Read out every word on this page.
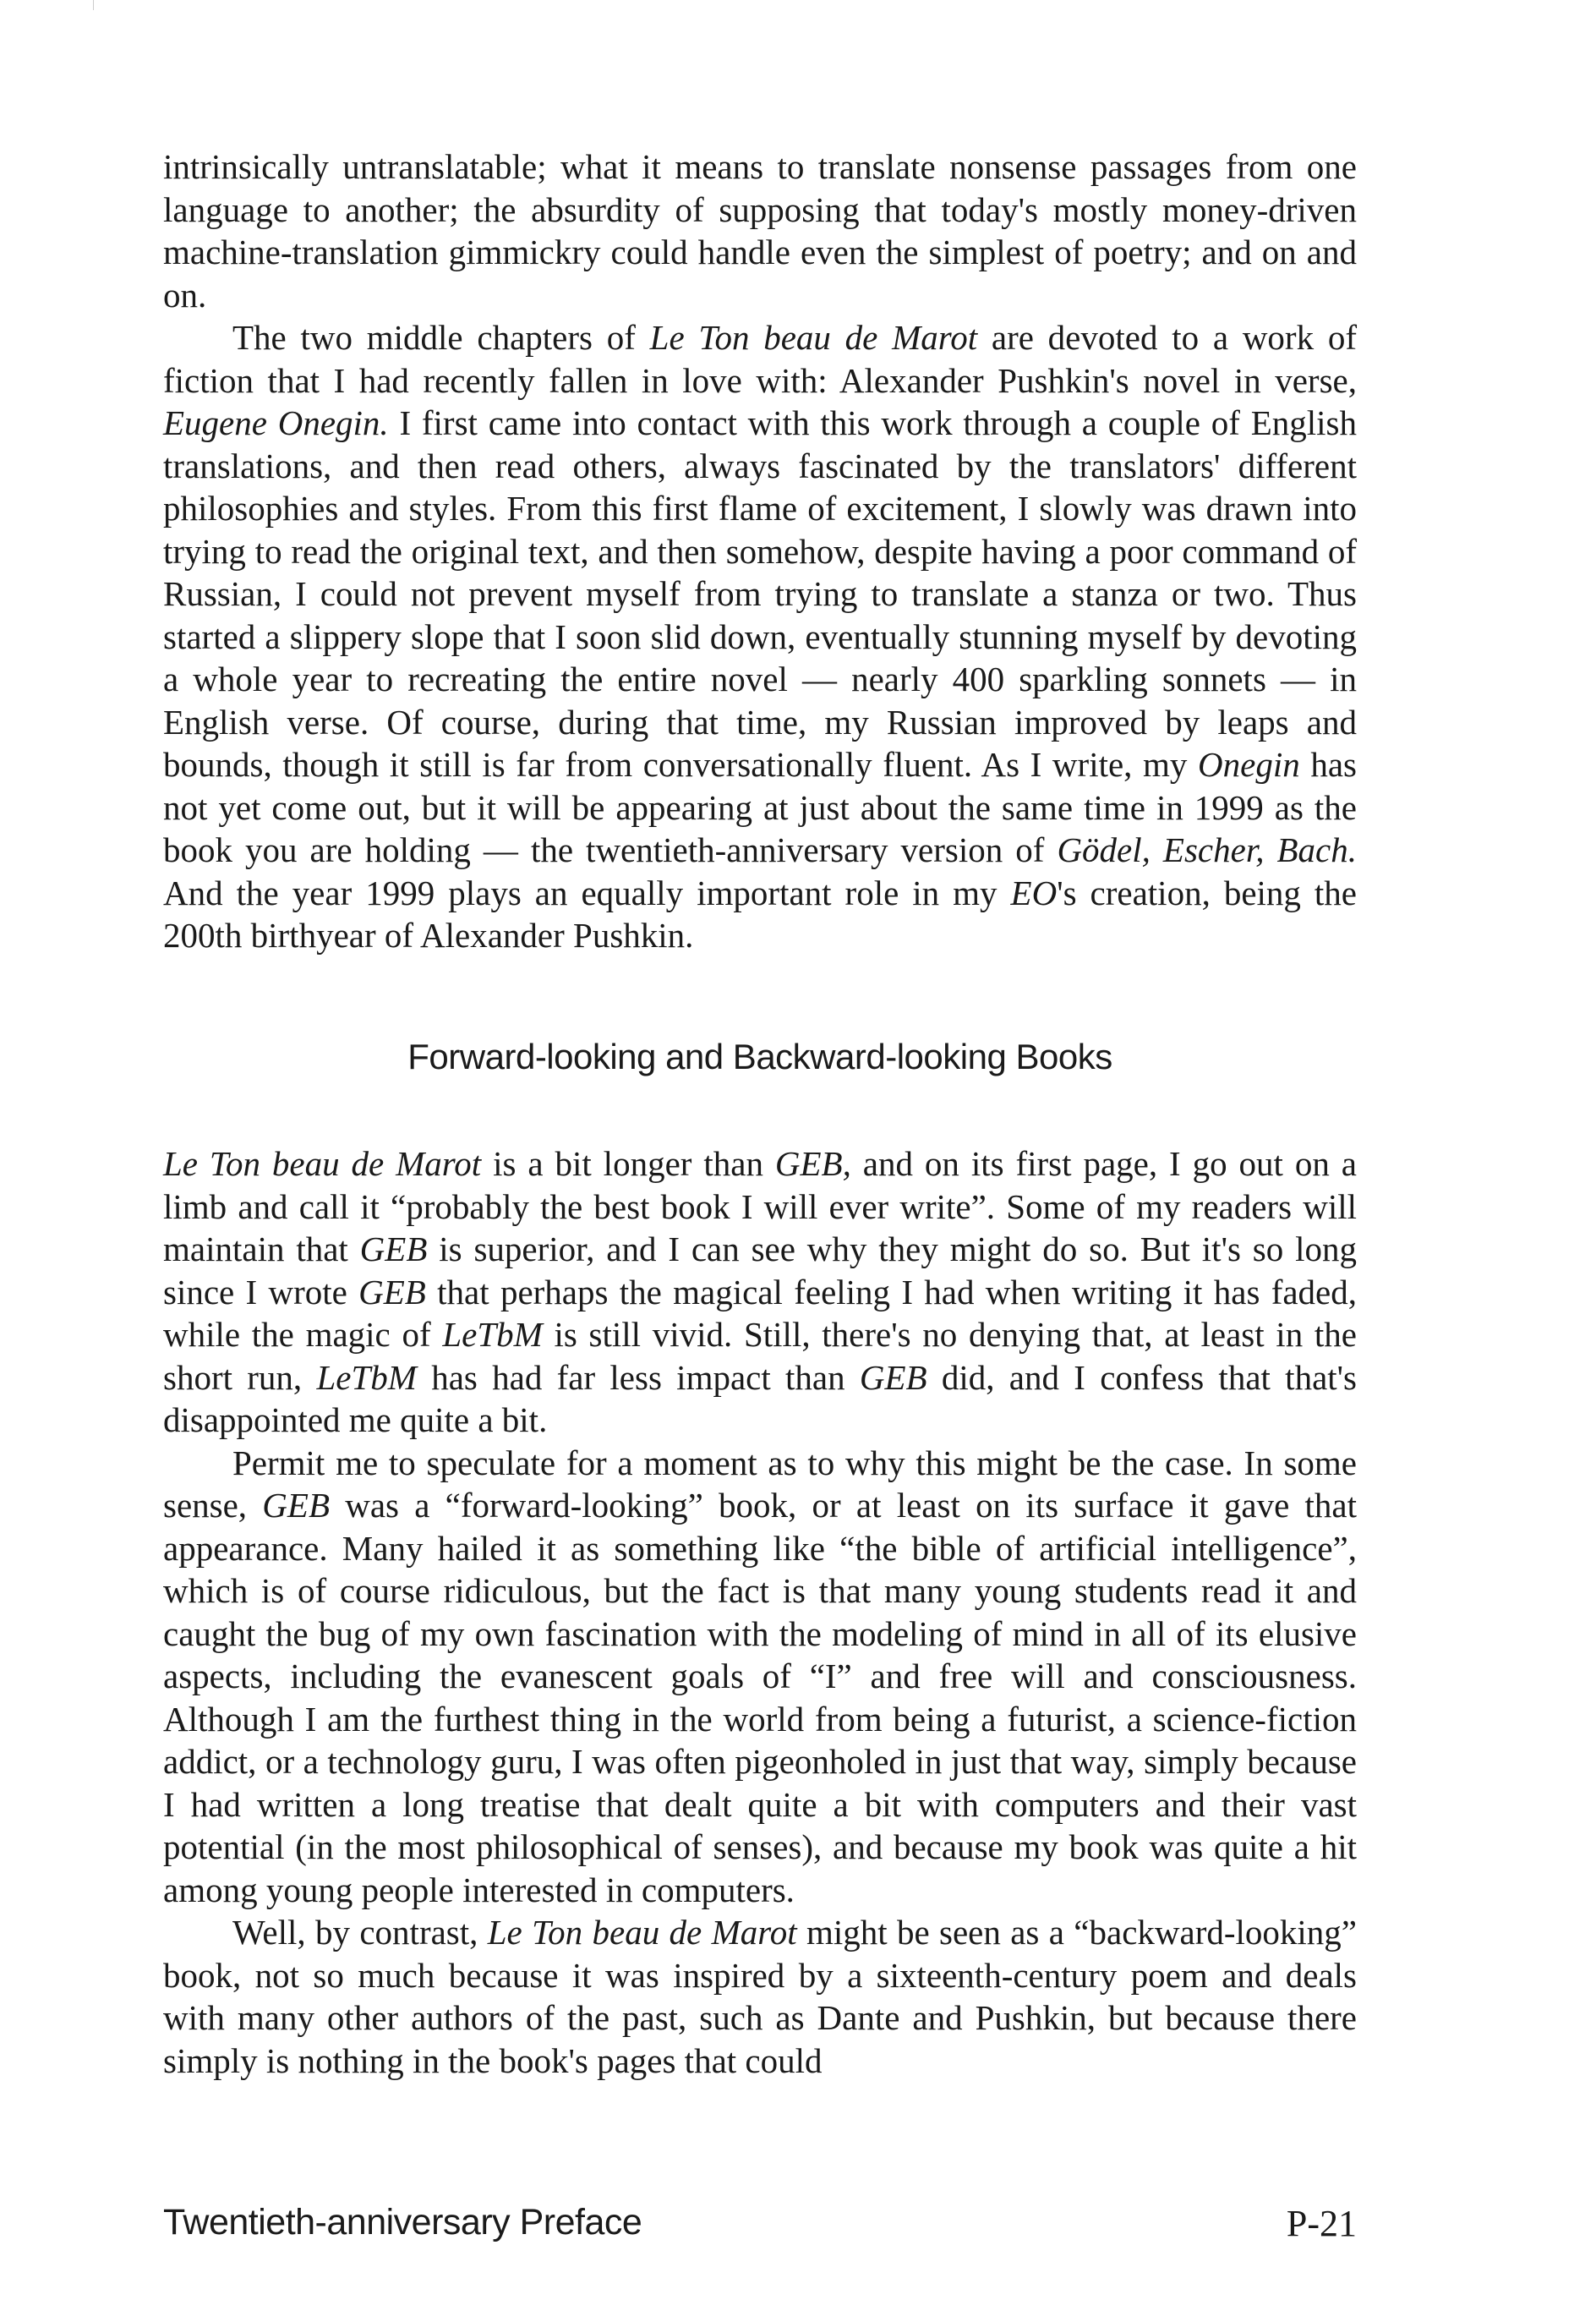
intrinsically untranslatable; what it means to translate nonsense passages from one language to another; the absurdity of supposing that today's mostly money-driven machine-translation gimmickry could handle even the simplest of poetry; and on and on.

The two middle chapters of Le Ton beau de Marot are devoted to a work of fiction that I had recently fallen in love with: Alexander Pushkin's novel in verse, Eugene Onegin. I first came into contact with this work through a couple of English translations, and then read others, always fascinated by the translators' different philosophies and styles. From this first flame of excitement, I slowly was drawn into trying to read the original text, and then somehow, despite having a poor command of Russian, I could not prevent myself from trying to translate a stanza or two. Thus started a slippery slope that I soon slid down, eventually stunning myself by devoting a whole year to recreating the entire novel — nearly 400 sparkling sonnets — in English verse. Of course, during that time, my Russian improved by leaps and bounds, though it still is far from conversationally fluent. As I write, my Onegin has not yet come out, but it will be appearing at just about the same time in 1999 as the book you are holding — the twentieth-anniversary version of Gödel, Escher, Bach. And the year 1999 plays an equally important role in my EO's creation, being the 200th birthyear of Alexander Pushkin.

Forward-looking and Backward-looking Books

Le Ton beau de Marot is a bit longer than GEB, and on its first page, I go out on a limb and call it “probably the best book I will ever write”. Some of my readers will maintain that GEB is superior, and I can see why they might do so. But it's so long since I wrote GEB that perhaps the magical feeling I had when writing it has faded, while the magic of LeTbM is still vivid. Still, there's no denying that, at least in the short run, LeTbM has had far less impact than GEB did, and I confess that that's disappointed me quite a bit.

Permit me to speculate for a moment as to why this might be the case. In some sense, GEB was a “forward-looking” book, or at least on its surface it gave that appearance. Many hailed it as something like “the bible of artificial intelligence”, which is of course ridiculous, but the fact is that many young students read it and caught the bug of my own fascination with the modeling of mind in all of its elusive aspects, including the evanescent goals of “I” and free will and consciousness. Although I am the furthest thing in the world from being a futurist, a science-fiction addict, or a technology guru, I was often pigeonholed in just that way, simply because I had written a long treatise that dealt quite a bit with computers and their vast potential (in the most philosophical of senses), and because my book was quite a hit among young people interested in computers.

Well, by contrast, Le Ton beau de Marot might be seen as a “backward-looking” book, not so much because it was inspired by a sixteenth-century poem and deals with many other authors of the past, such as Dante and Pushkin, but because there simply is nothing in the book's pages that could

Twentieth-anniversary Preface	P-21
